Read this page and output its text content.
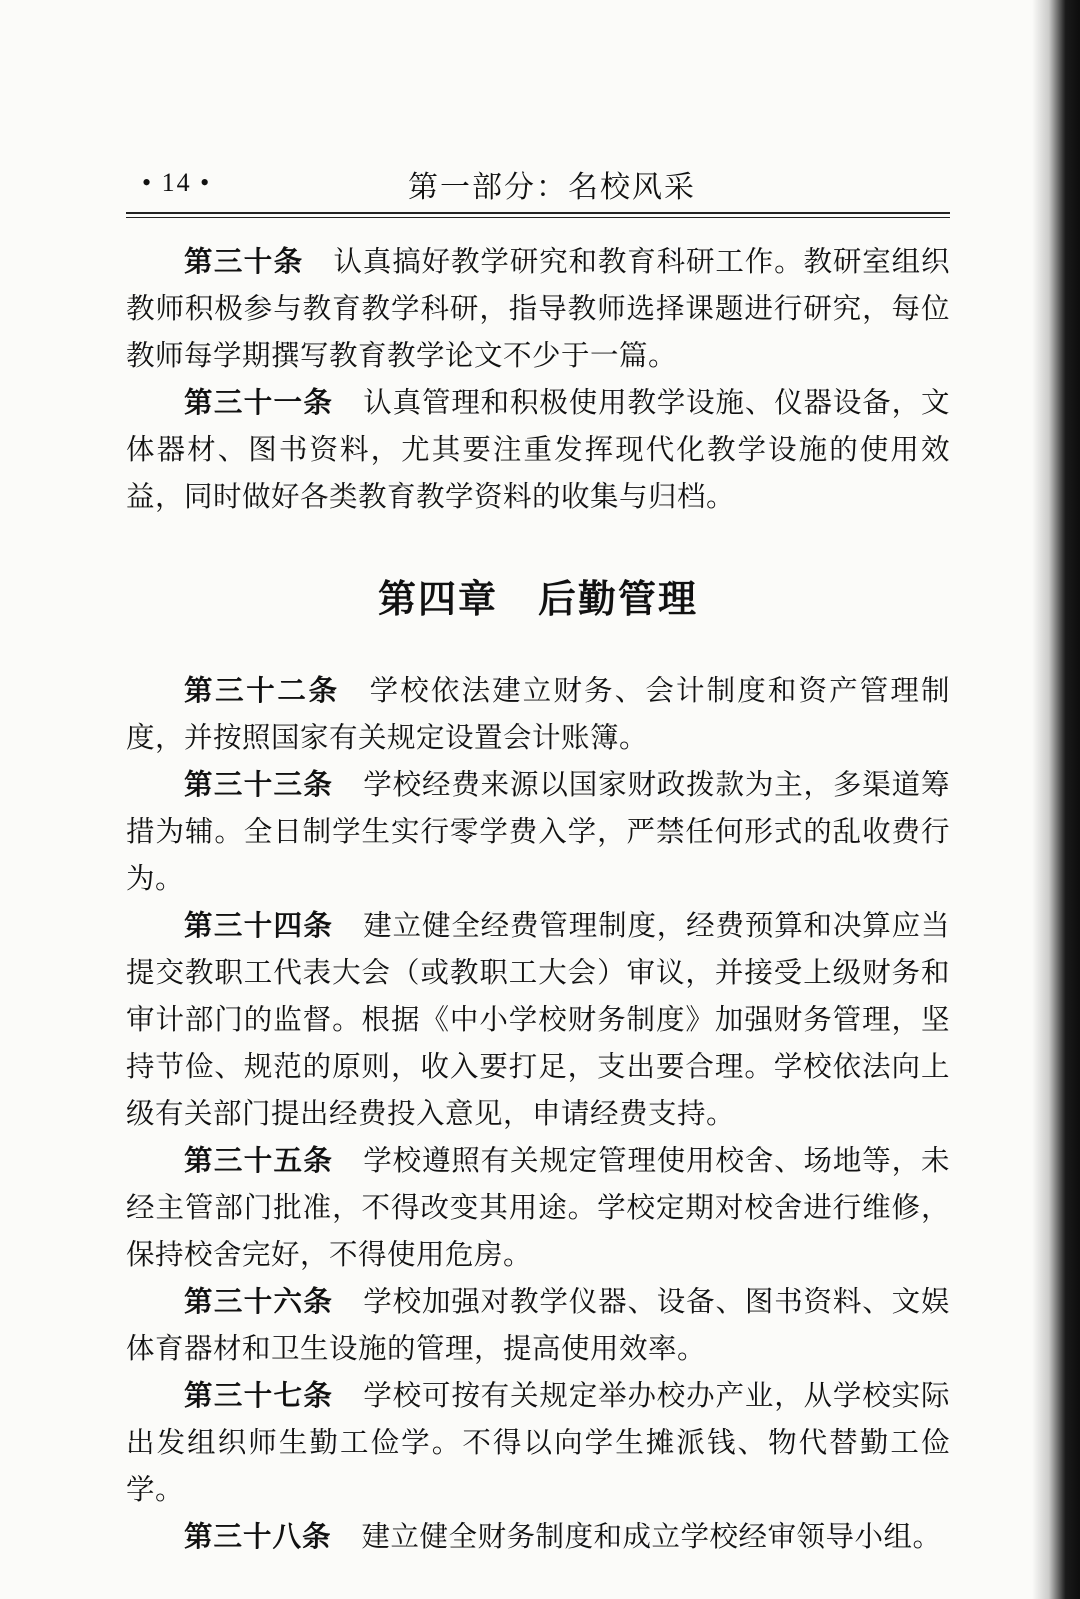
• 14 •	第一部分：名校风采

第三十条 认真搞好教学研究和教育科研工作。教研室组织教师积极参与教育教学科研，指导教师选择课题进行研究，每位教师每学期撰写教育教学论文不少于一篇。

第三十一条 认真管理和积极使用教学设施、仪器设备，文体器材、图书资料，尤其要注重发挥现代化教学设施的使用效益，同时做好各类教育教学资料的收集与归档。

第四章　后勤管理

第三十二条 学校依法建立财务、会计制度和资产管理制度，并按照国家有关规定设置会计账簿。

第三十三条 学校经费来源以国家财政拨款为主，多渠道筹措为辅。全日制学生实行零学费入学，严禁任何形式的乱收费行为。

第三十四条 建立健全经费管理制度，经费预算和决算应当提交教职工代表大会（或教职工大会）审议，并接受上级财务和审计部门的监督。根据《中小学校财务制度》加强财务管理，坚持节俭、规范的原则，收入要打足，支出要合理。学校依法向上级有关部门提出经费投入意见，申请经费支持。

第三十五条 学校遵照有关规定管理使用校舍、场地等，未经主管部门批准，不得改变其用途。学校定期对校舍进行维修，保持校舍完好，不得使用危房。

第三十六条 学校加强对教学仪器、设备、图书资料、文娱体育器材和卫生设施的管理，提高使用效率。

第三十七条 学校可按有关规定举办校办产业，从学校实际出发组织师生勤工俭学。不得以向学生摊派钱、物代替勤工俭学。

第三十八条 建立健全财务制度和成立学校经审领导小组。
